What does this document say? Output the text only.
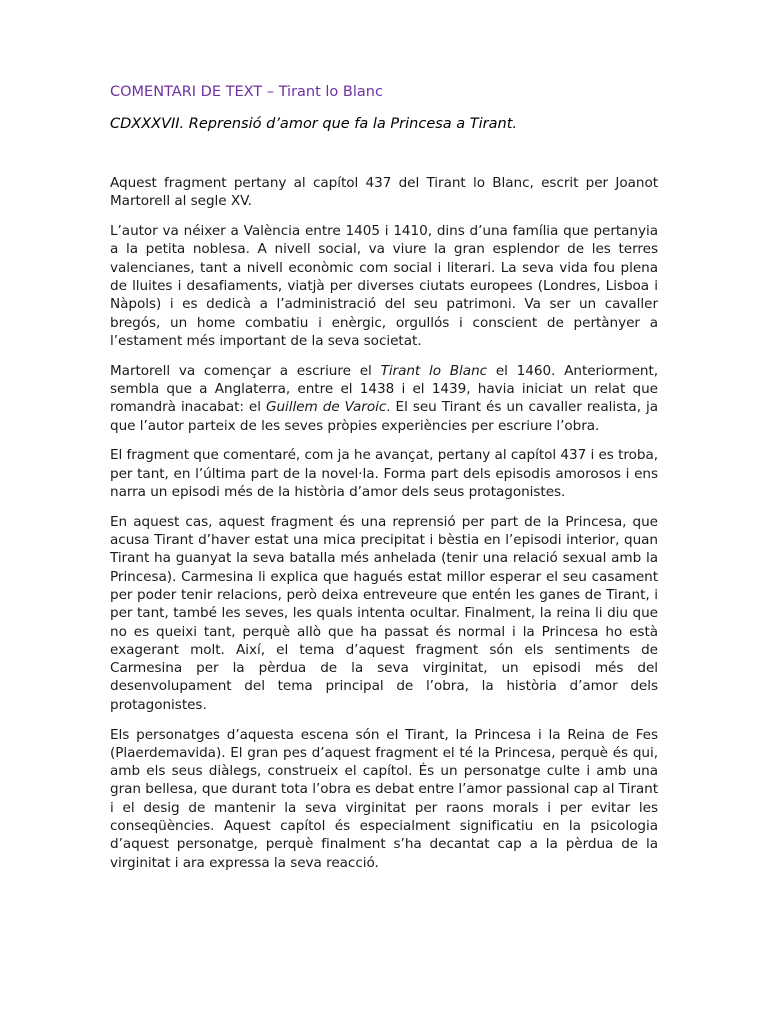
COMENTARI DE TEXT – Tirant lo Blanc
CDXXXVII. Reprensió d’amor que fa la Princesa a Tirant.

Aquest fragment pertany al capítol 437 del Tirant lo Blanc, escrit per Joanot Martorell al segle XV.

L’autor va néixer a València entre 1405 i 1410, dins d’una família que pertanyia a la petita noblesa. A nivell social, va viure la gran esplendor de les terres valencianes, tant a nivell econòmic com social i literari. La seva vida fou plena de lluites i desafiaments, viatjà per diverses ciutats europees (Londres, Lisboa i Nàpols) i es dedicà a l’administració del seu patrimoni. Va ser un cavaller bregós, un home combatiu i enèrgic, orgullós i conscient de pertànyer a l’estament més important de la seva societat.

Martorell va començar a escriure el Tirant lo Blanc el 1460. Anteriorment, sembla que a Anglaterra, entre el 1438 i el 1439, havia iniciat un relat que romandrà inacabat: el Guillem de Varoic. El seu Tirant és un cavaller realista, ja que l’autor parteix de les seves pròpies experiències per escriure l’obra.

El fragment que comentaré, com ja he avançat, pertany al capítol 437 i es troba, per tant, en l’última part de la novel·la. Forma part dels episodis amorosos i ens narra un episodi més de la història d’amor dels seus protagonistes.

En aquest cas, aquest fragment és una reprensió per part de la Princesa, que acusa Tirant d’haver estat una mica precipitat i bèstia en l’episodi interior, quan Tirant ha guanyat la seva batalla més anhelada (tenir una relació sexual amb la Princesa). Carmesina li explica que hagués estat millor esperar el seu casament per poder tenir relacions, però deixa entreveure que entén les ganes de Tirant, i per tant, també les seves, les quals intenta ocultar. Finalment, la reina li diu que no es queixi tant, perquè allò que ha passat és normal i la Princesa ho està exagerant molt. Així, el tema d’aquest fragment són els sentiments de Carmesina per la pèrdua de la seva virginitat, un episodi més del desenvolupament del tema principal de l’obra, la història d’amor dels protagonistes.

Els personatges d’aquesta escena són el Tirant, la Princesa i la Reina de Fes (Plaerdemavida). El gran pes d’aquest fragment el té la Princesa, perquè és qui, amb els seus diàlegs, construeix el capítol. És un personatge culte i amb una gran bellesa, que durant tota l’obra es debat entre l’amor passional cap al Tirant i el desig de mantenir la seva virginitat per raons morals i per evitar les conseqüències. Aquest capítol és especialment significatiu en la psicologia d’aquest personatge, perquè finalment s’ha decantat cap a la pèrdua de la virginitat i ara expressa la seva reacció.
